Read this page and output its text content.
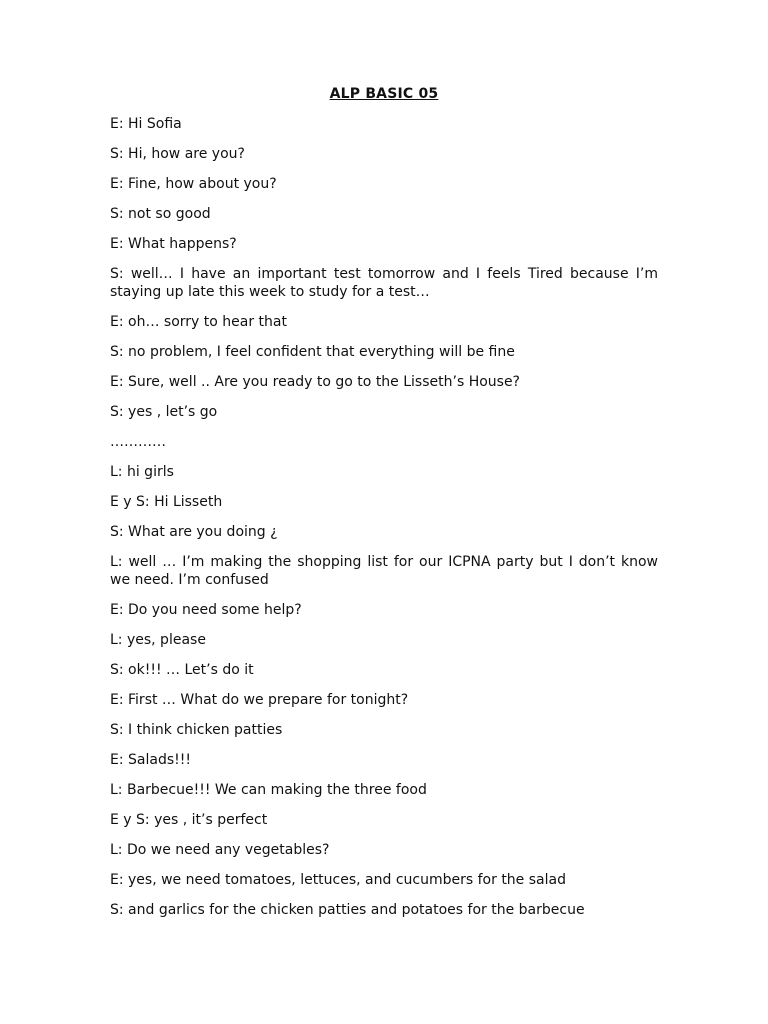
ALP BASIC 05
E: Hi Sofia
S: Hi, how are you?
E: Fine, how about you?
S: not so good
E: What happens?
S: well… I have an important test tomorrow and I feels Tired because I’m staying up late this week to study for a test…
E: oh… sorry to hear that
S: no problem, I feel confident that everything will be fine
E: Sure, well .. Are you ready to go to the Lisseth’s House?
S: yes , let’s go
…………
L: hi girls
E y S: Hi Lisseth
S: What are you doing ¿
L: well … I’m making the shopping list for our ICPNA party but I don’t know we need. I’m confused
E: Do you need some help?
L: yes, please
S: ok!!! … Let’s do it
E: First … What do we prepare for tonight?
S: I think chicken patties
E: Salads!!!
L: Barbecue!!! We can making the three food
E y S: yes , it’s perfect
L: Do we need any vegetables?
E: yes, we need tomatoes, lettuces, and cucumbers for the salad
S: and garlics for the chicken patties and potatoes for the barbecue
